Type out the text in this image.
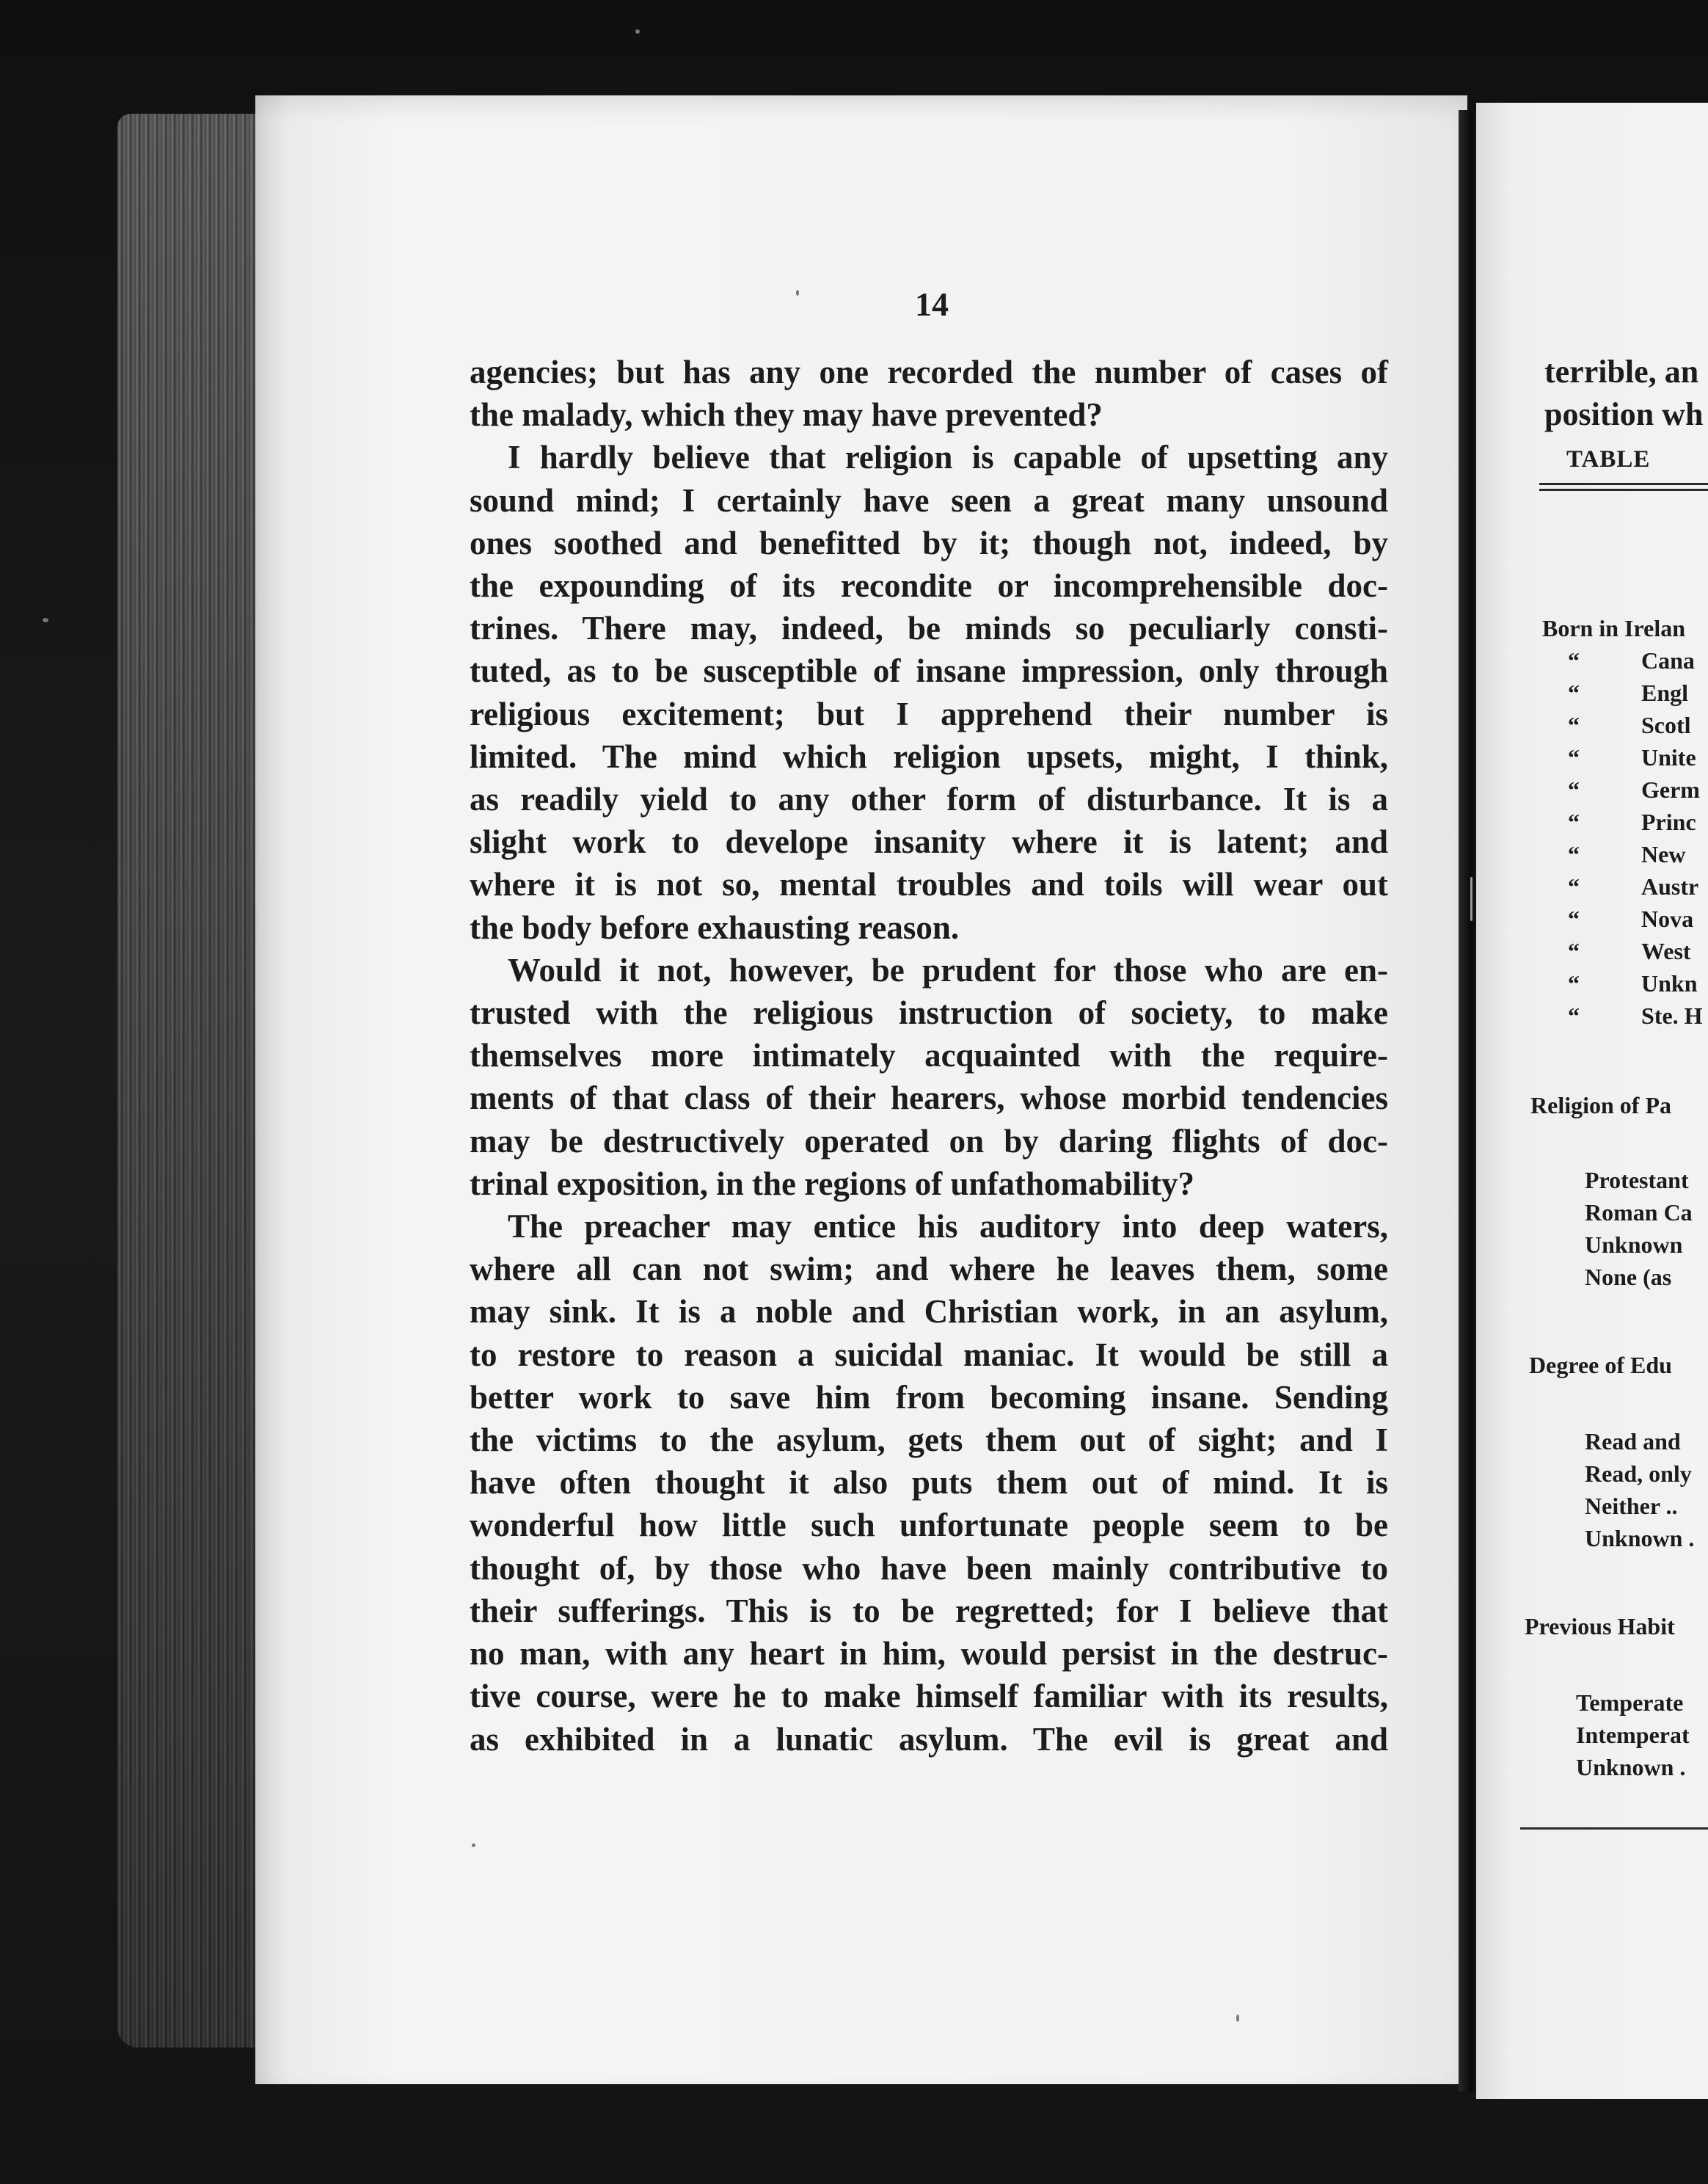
14
agencies; but has any one recorded the number of cases of
the malady, which they may have prevented?
I hardly believe that religion is capable of upsetting any
sound mind; I certainly have seen a great many unsound
ones soothed and benefitted by it; though not, indeed, by
the expounding of its recondite or incomprehensible doc-
trines. There may, indeed, be minds so peculiarly consti-
tuted, as to be susceptible of insane impression, only through
religious excitement; but I apprehend their number is
limited. The mind which religion upsets, might, I think,
as readily yield to any other form of disturbance. It is a
slight work to develope insanity where it is latent; and
where it is not so, mental troubles and toils will wear out
the body before exhausting reason.
Would it not, however, be prudent for those who are en-
trusted with the religious instruction of society, to make
themselves more intimately acquainted with the require-
ments of that class of their hearers, whose morbid tendencies
may be destructively operated on by daring flights of doc-
trinal exposition, in the regions of unfathomability?
The preacher may entice his auditory into deep waters,
where all can not swim; and where he leaves them, some
may sink. It is a noble and Christian work, in an asylum,
to restore to reason a suicidal maniac. It would be still a
better work to save him from becoming insane. Sending
the victims to the asylum, gets them out of sight; and I
have often thought it also puts them out of mind. It is
wonderful how little such unfortunate people seem to be
thought of, by those who have been mainly contributive to
their sufferings. This is to be regretted; for I believe that
no man, with any heart in him, would persist in the destruc-
tive course, were he to make himself familiar with its results,
as exhibited in a lunatic asylum. The evil is great and
terrible, an
position wh
TABLE
Born in Irelan
“	Cana
“	Engl
“	Scotl
“	Unite
“	Germ
“	Princ
“	New
“	Austr
“	Nova
“	West
“	Unkn
“	Ste. H
Religion of Pa
Protestant
Roman Ca
Unknown
None (as
Degree of Edu
Read and
Read, only
Neither ..
Unknown .
Previous Habit
Temperate
Intemperat
Unknown .
